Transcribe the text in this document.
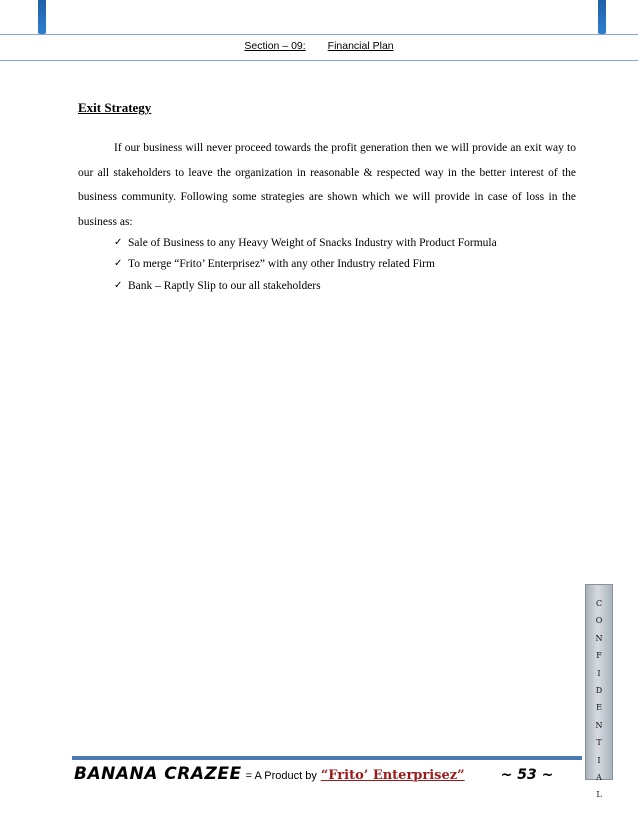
Section – 09: Financial Plan
Exit Strategy
If our business will never proceed towards the profit generation then we will provide an exit way to our all stakeholders to leave the organization in reasonable & respected way in the better interest of the business community. Following some strategies are shown which we will provide in case of loss in the business as:
✓ Sale of Business to any Heavy Weight of Snacks Industry with Product Formula
✓ To merge “Frito’ Enterprisez” with any other Industry related Firm
✓ Bank – Raptly Slip to our all stakeholders
C
O
N
F
I
D
E
N
T
I
A
L
BANANA CRAZEE = A Product by “Frito’ Enterprisez”	~ 53 ~
